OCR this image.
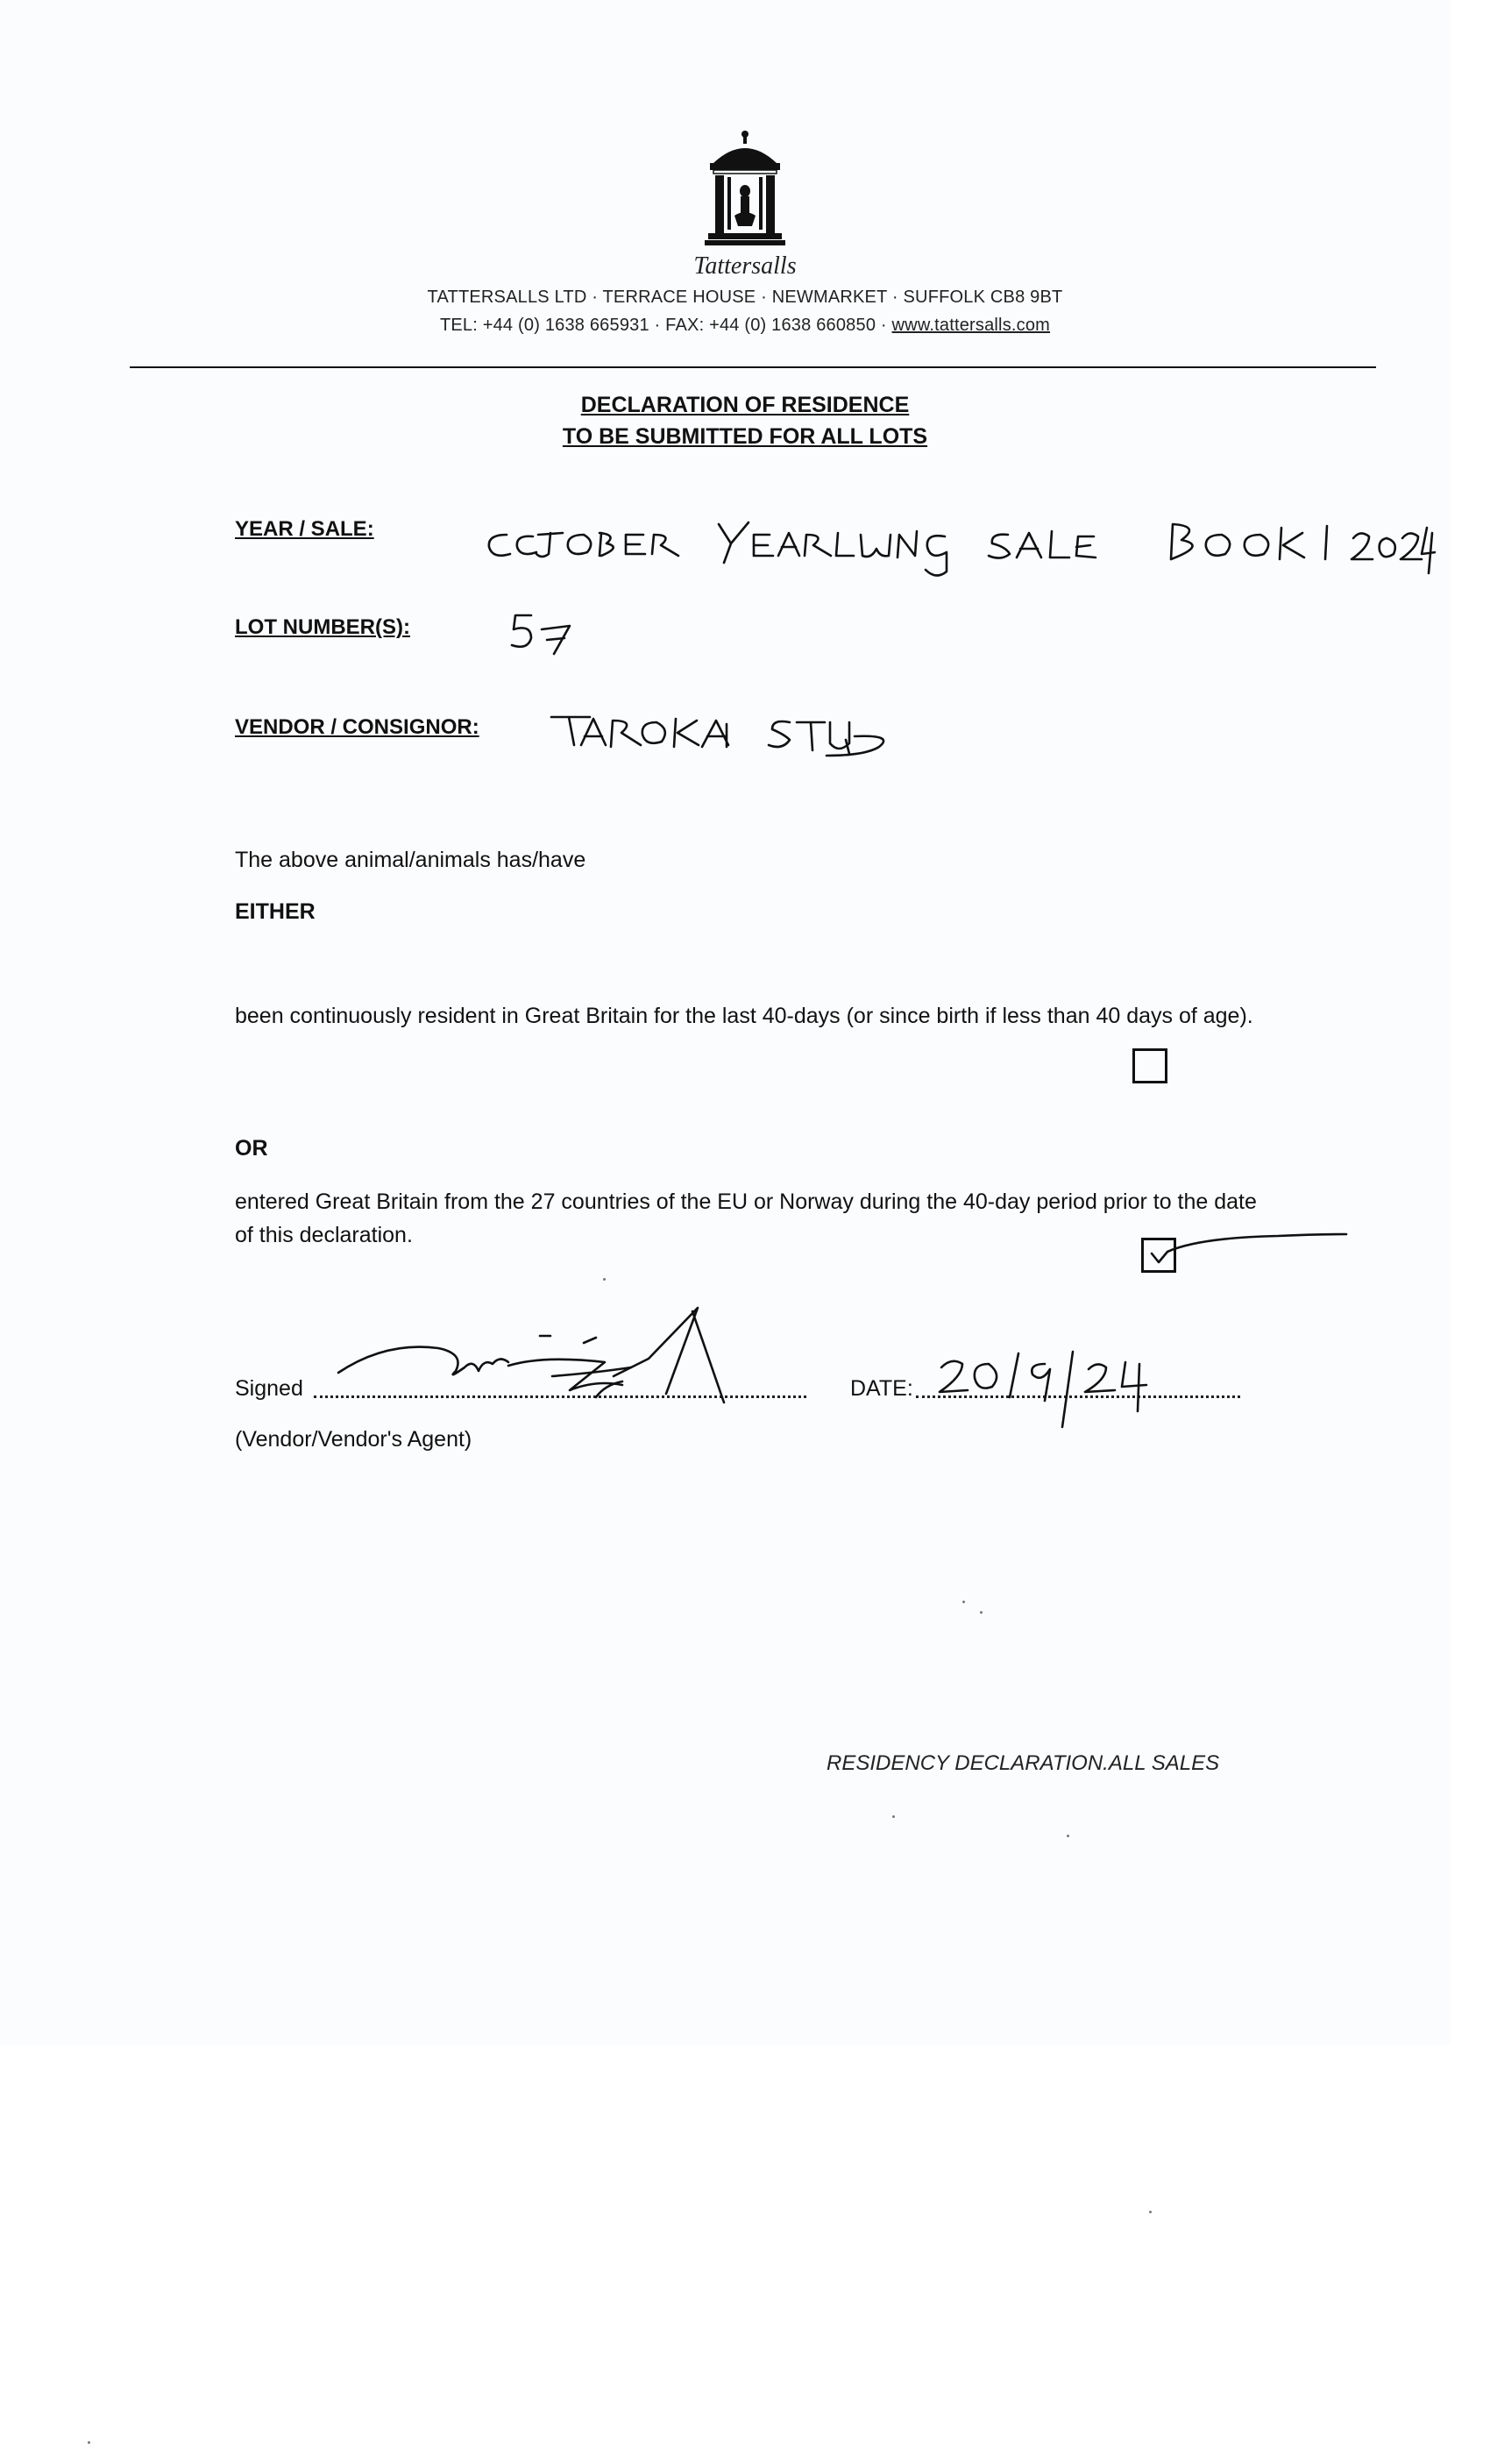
Tattersalls
TATTERSALLS LTD · TERRACE HOUSE · NEWMARKET · SUFFOLK CB8 9BT
TEL: +44 (0) 1638 665931 · FAX: +44 (0) 1638 660850 · www.tattersalls.com
DECLARATION OF RESIDENCE
TO BE SUBMITTED FOR ALL LOTS
YEAR / SALE:
LOT NUMBER(S):
VENDOR / CONSIGNOR:
The above animal/animals has/have
EITHER
been continuously resident in Great Britain for the last 40-days (or since birth if less than 40 days of age).
OR
entered Great Britain from the 27 countries of the EU or Norway during the 40-day period prior to the date of this declaration.
Signed	DATE:
(Vendor/Vendor's Agent)
RESIDENCY DECLARATION.ALL SALES
